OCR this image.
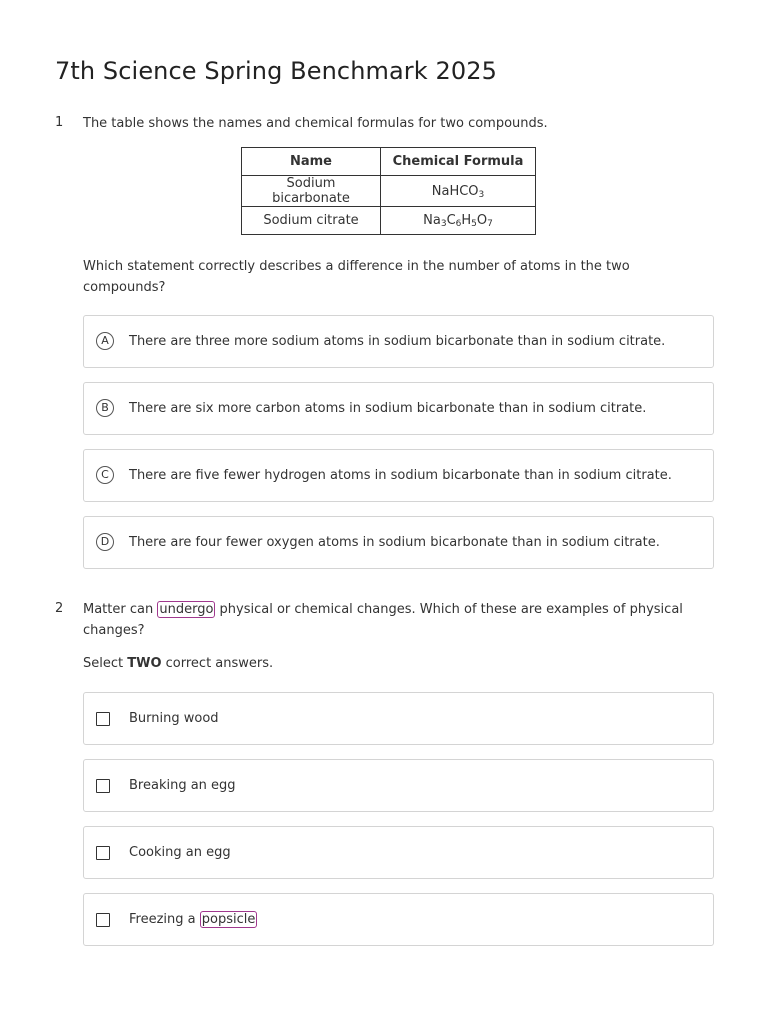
7th Science Spring Benchmark 2025
1 The table shows the names and chemical formulas for two compounds.

Name	Chemical Formula
Sodium bicarbonate	NaHCO$_3$
Sodium citrate	$Na_3C_6H_5O_7$

Which statement correctly describes a difference in the number of atoms in the two compounds?

A	There are three more sodium atoms in sodium bicarbonate than in sodium citrate.
B	There are six more carbon atoms in sodium bicarbonate than in sodium citrate.
C	There are five fewer hydrogen atoms in sodium bicarbonate than in sodium citrate.
D	There are four fewer oxygen atoms in sodium bicarbonate than in sodium citrate.
2 Matter can undergo physical or chemical changes. Which of these are examples of physical changes?

Select TWO correct answers.

Burning wood
Breaking an egg
Cooking an egg
Freezing a popsicle
